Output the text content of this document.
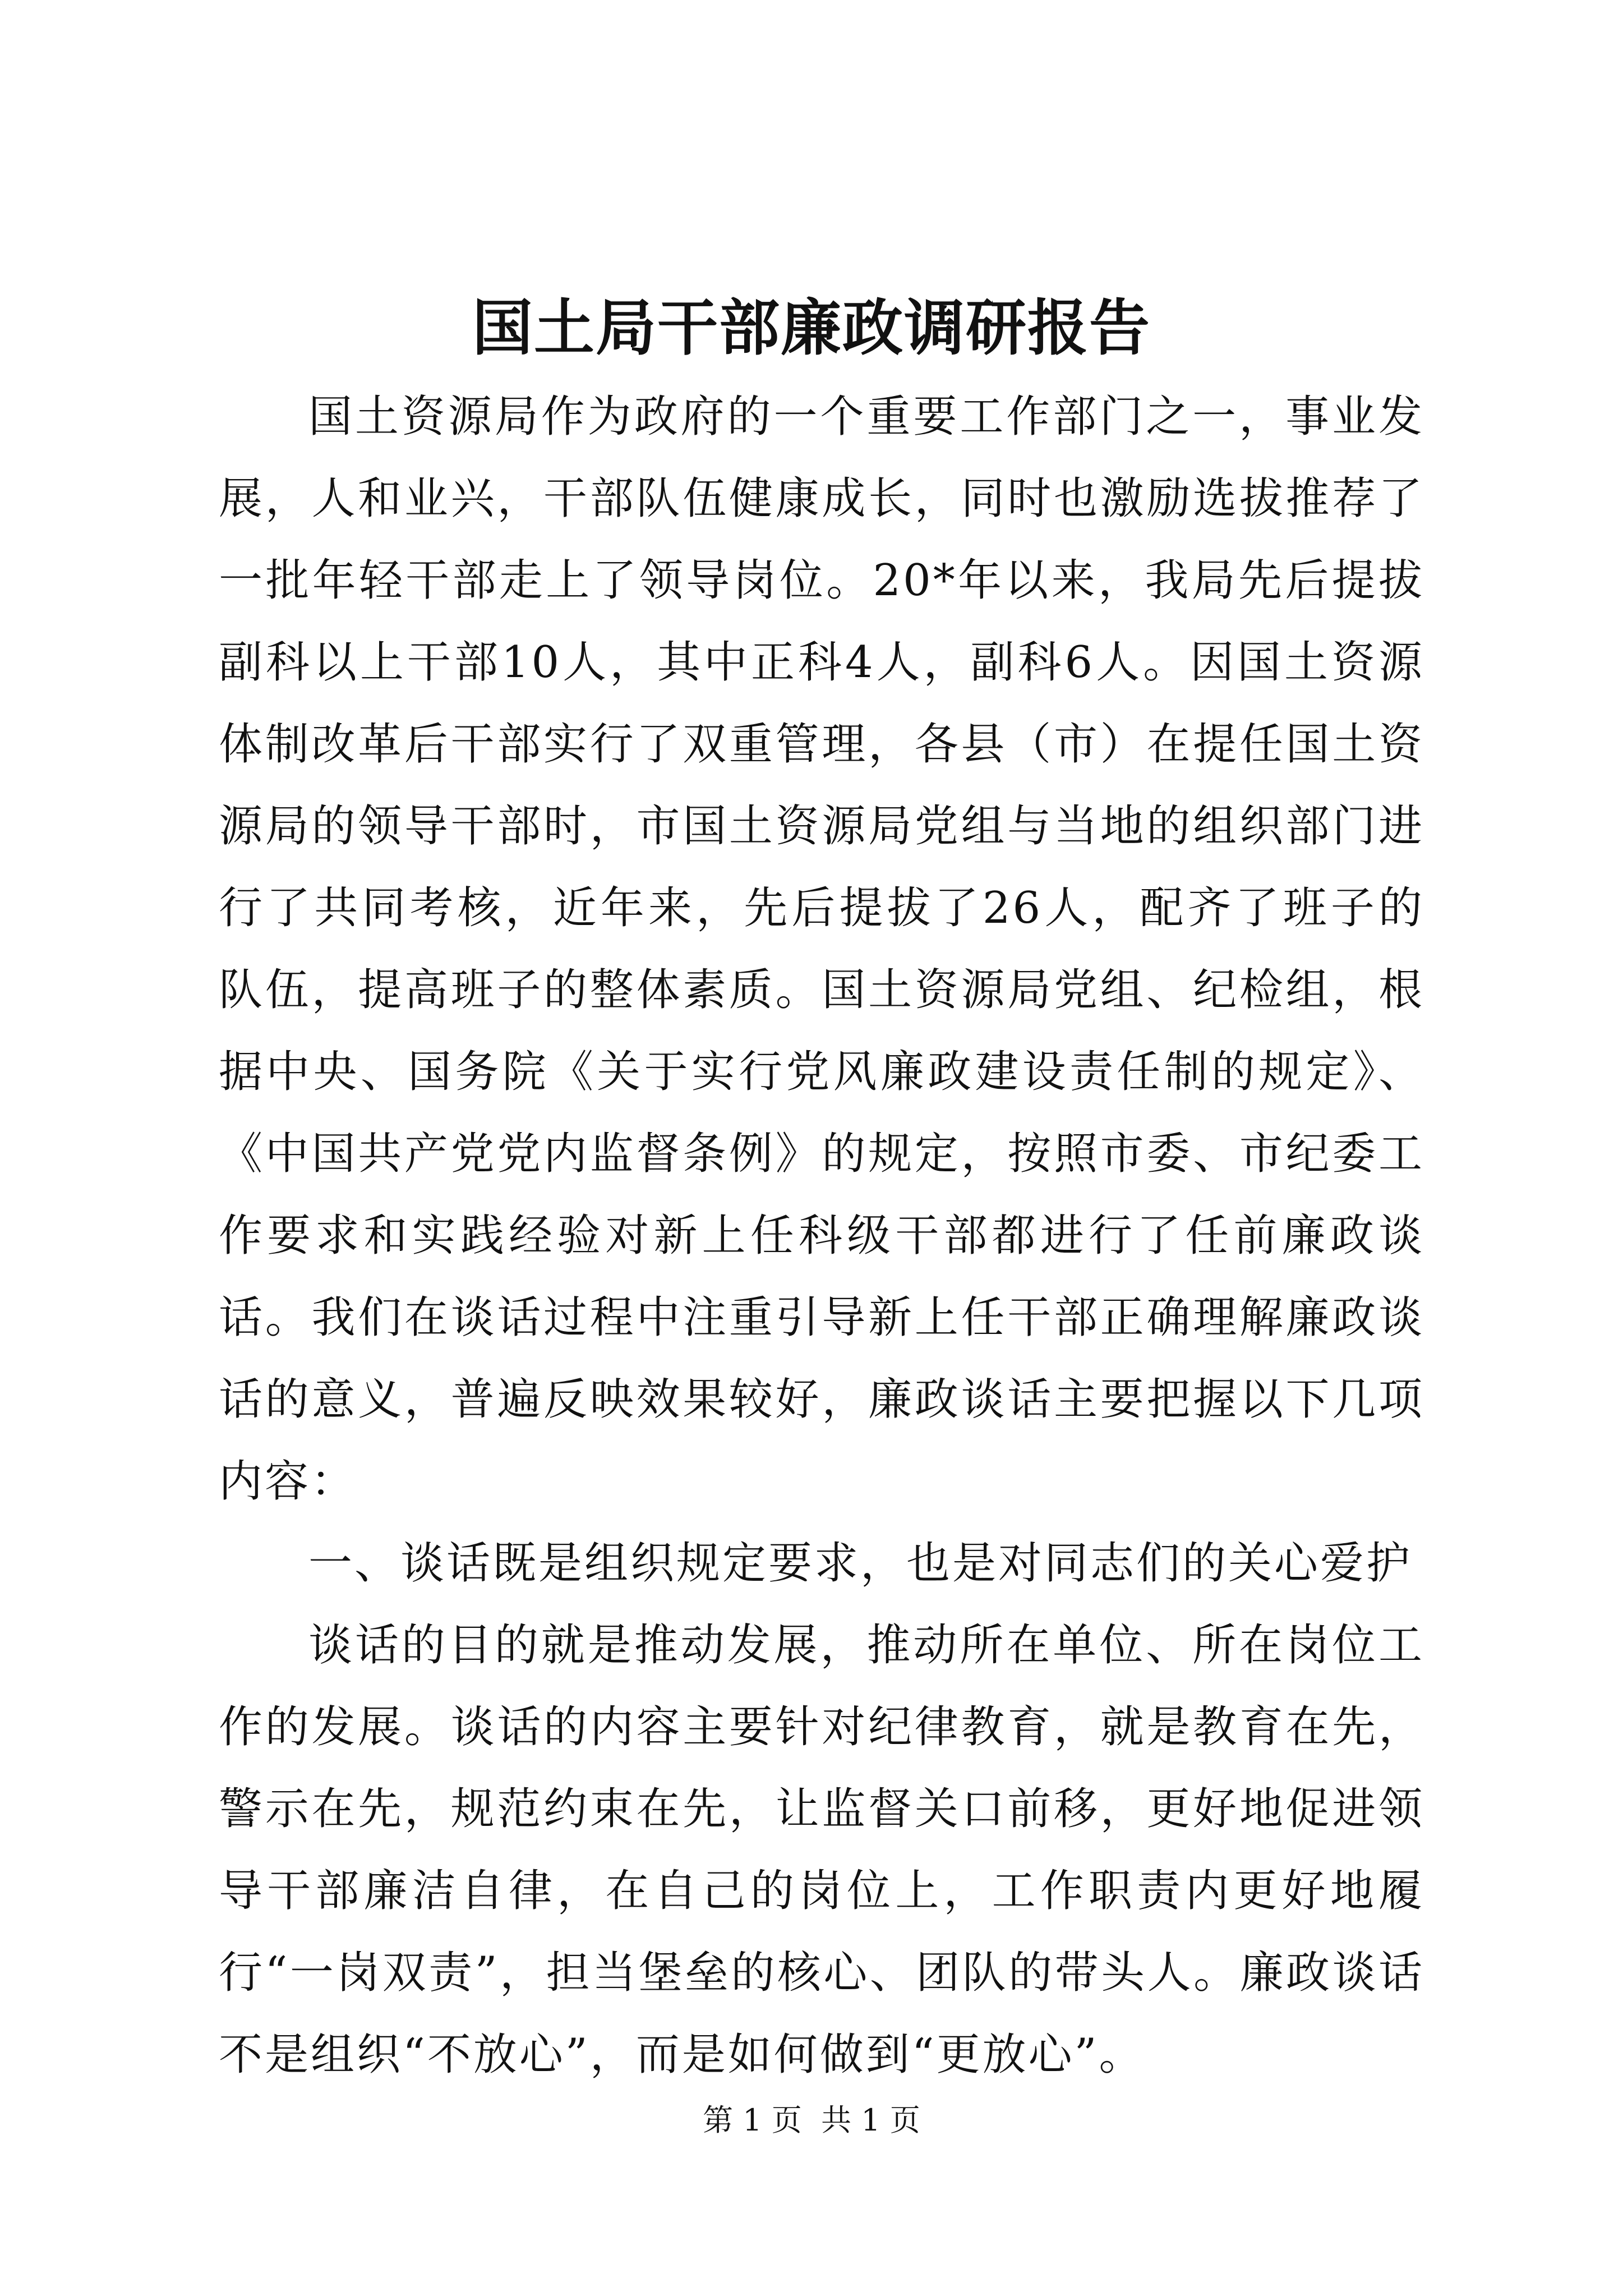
国土局干部廉政调研报告

国土资源局作为政府的一个重要工作部门之一，事业发展，人和业兴，干部队伍健康成长，同时也激励选拔推荐了一批年轻干部走上了领导岗位。20*年以来，我局先后提拔副科以上干部10人，其中正科4人，副科6人。因国土资源体制改革后干部实行了双重管理，各县（市）在提任国土资源局的领导干部时，市国土资源局党组与当地的组织部门进行了共同考核，近年来，先后提拔了26人，配齐了班子的队伍，提高班子的整体素质。国土资源局党组、纪检组，根据中央、国务院《关于实行党风廉政建设责任制的规定》、《中国共产党党内监督条例》的规定，按照市委、市纪委工作要求和实践经验对新上任科级干部都进行了任前廉政谈话。我们在谈话过程中注重引导新上任干部正确理解廉政谈话的意义，普遍反映效果较好，廉政谈话主要把握以下几项内容：

一、谈话既是组织规定要求，也是对同志们的关心爱护

谈话的目的就是推动发展，推动所在单位、所在岗位工作的发展。谈话的内容主要针对纪律教育，就是教育在先，警示在先，规范约束在先，让监督关口前移，更好地促进领导干部廉洁自律，在自己的岗位上，工作职责内更好地履行“一岗双责”，担当堡垒的核心、团队的带头人。廉政谈话不是组织“不放心”，而是如何做到“更放心”。

第 1 页 共 1 页
